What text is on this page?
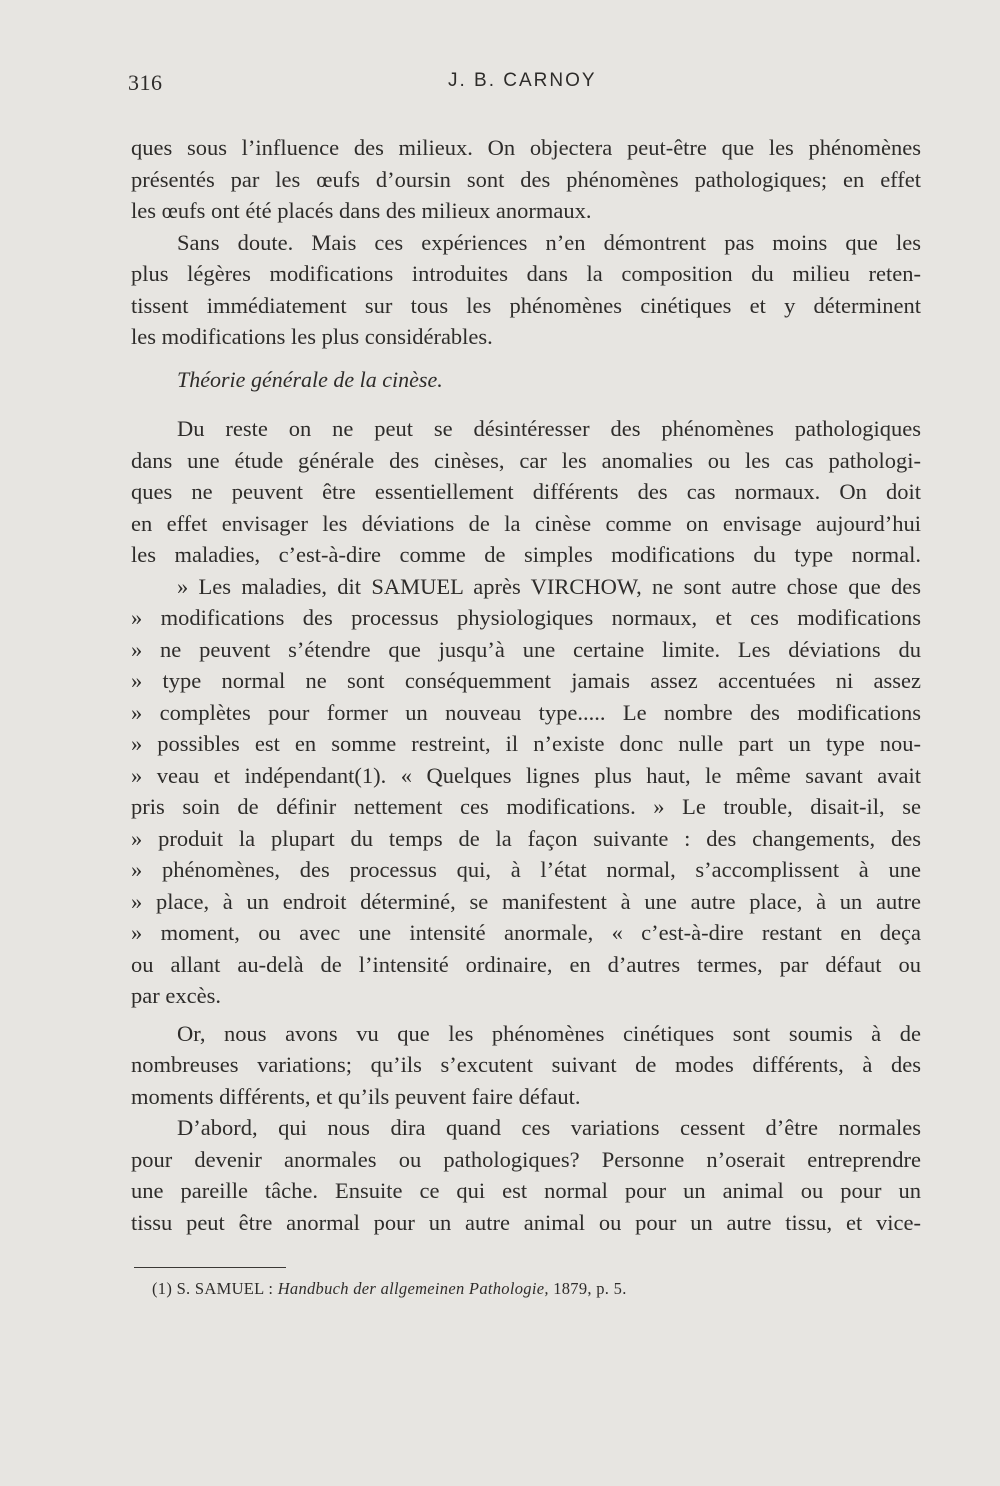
316	J. B. CARNOY
ques sous l’influence des milieux. On objectera peut-être que les phénomènes
présentés par les œufs d’oursin sont des phénomènes pathologiques; en effet
les œufs ont été placés dans des milieux anormaux.
Sans doute. Mais ces expériences n’en démontrent pas moins que les
plus légères modifications introduites dans la composition du milieu reten-
tissent immédiatement sur tous les phénomènes cinétiques et y déterminent
les modifications les plus considérables.
Théorie générale de la cinèse.
Du reste on ne peut se désintéresser des phénomènes pathologiques
dans une étude générale des cinèses, car les anomalies ou les cas pathologi-
ques ne peuvent être essentiellement différents des cas normaux. On doit
en effet envisager les déviations de la cinèse comme on envisage aujourd’hui
les maladies, c’est-à-dire comme de simples modifications du type normal.
» Les maladies, dit SAMUEL après VIRCHOW, ne sont autre chose que des
» modifications des processus physiologiques normaux, et ces modifications
» ne peuvent s’étendre que jusqu’à une certaine limite. Les déviations du
» type normal ne sont conséquemment jamais assez accentuées ni assez
» complètes pour former un nouveau type..... Le nombre des modifications
» possibles est en somme restreint, il n’existe donc nulle part un type nou-
» veau et indépendant(1). « Quelques lignes plus haut, le même savant avait
pris soin de définir nettement ces modifications. » Le trouble, disait-il, se
» produit la plupart du temps de la façon suivante : des changements, des
» phénomènes, des processus qui, à l’état normal, s’accomplissent à une
» place, à un endroit déterminé, se manifestent à une autre place, à un autre
» moment, ou avec une intensité anormale, « c’est-à-dire restant en deça
ou allant au-delà de l’intensité ordinaire, en d’autres termes, par défaut ou
par excès.
Or, nous avons vu que les phénomènes cinétiques sont soumis à de
nombreuses variations; qu’ils s’excutent suivant de modes différents, à des
moments différents, et qu’ils peuvent faire défaut.
D’abord, qui nous dira quand ces variations cessent d’être normales
pour devenir anormales ou pathologiques? Personne n’oserait entreprendre
une pareille tâche. Ensuite ce qui est normal pour un animal ou pour un
tissu peut être anormal pour un autre animal ou pour un autre tissu, et vice-
(1) S. SAMUEL : Handbuch der allgemeinen Pathologie, 1879, p. 5.
